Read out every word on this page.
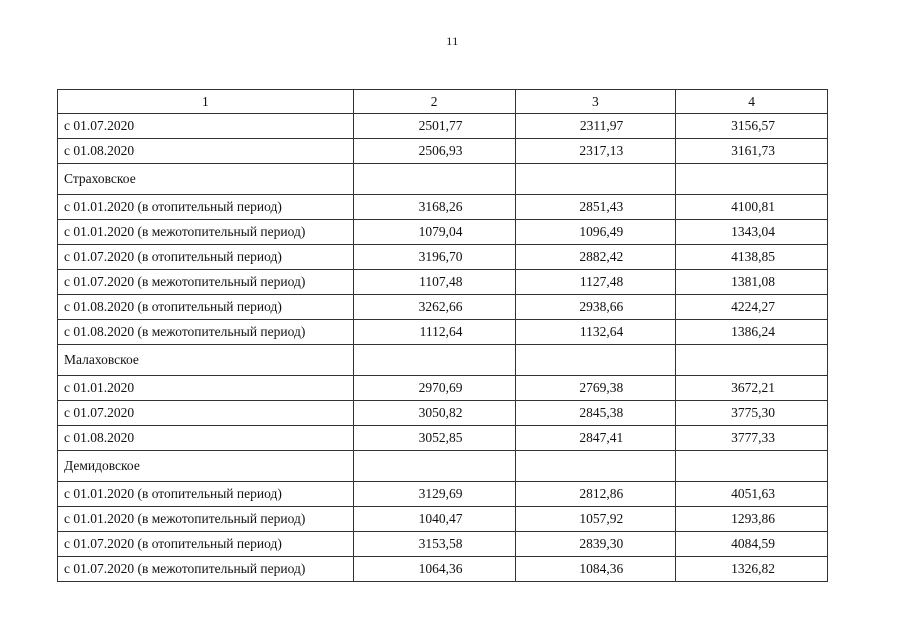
11
1	2	3	4
с 01.07.2020	2501,77	2311,97	3156,57
с 01.08.2020	2506,93	2317,13	3161,73
Страховское			
с 01.01.2020 (в отопительный период)	3168,26	2851,43	4100,81
с 01.01.2020 (в межотопительный период)	1079,04	1096,49	1343,04
с 01.07.2020 (в отопительный период)	3196,70	2882,42	4138,85
с 01.07.2020 (в межотопительный период)	1107,48	1127,48	1381,08
с 01.08.2020 (в отопительный период)	3262,66	2938,66	4224,27
с 01.08.2020 (в межотопительный период)	1112,64	1132,64	1386,24
Малаховское			
с 01.01.2020	2970,69	2769,38	3672,21
с 01.07.2020	3050,82	2845,38	3775,30
с 01.08.2020	3052,85	2847,41	3777,33
Демидовское			
с 01.01.2020 (в отопительный период)	3129,69	2812,86	4051,63
с 01.01.2020 (в межотопительный период)	1040,47	1057,92	1293,86
с 01.07.2020 (в отопительный период)	3153,58	2839,30	4084,59
с 01.07.2020 (в межотопительный период)	1064,36	1084,36	1326,82
